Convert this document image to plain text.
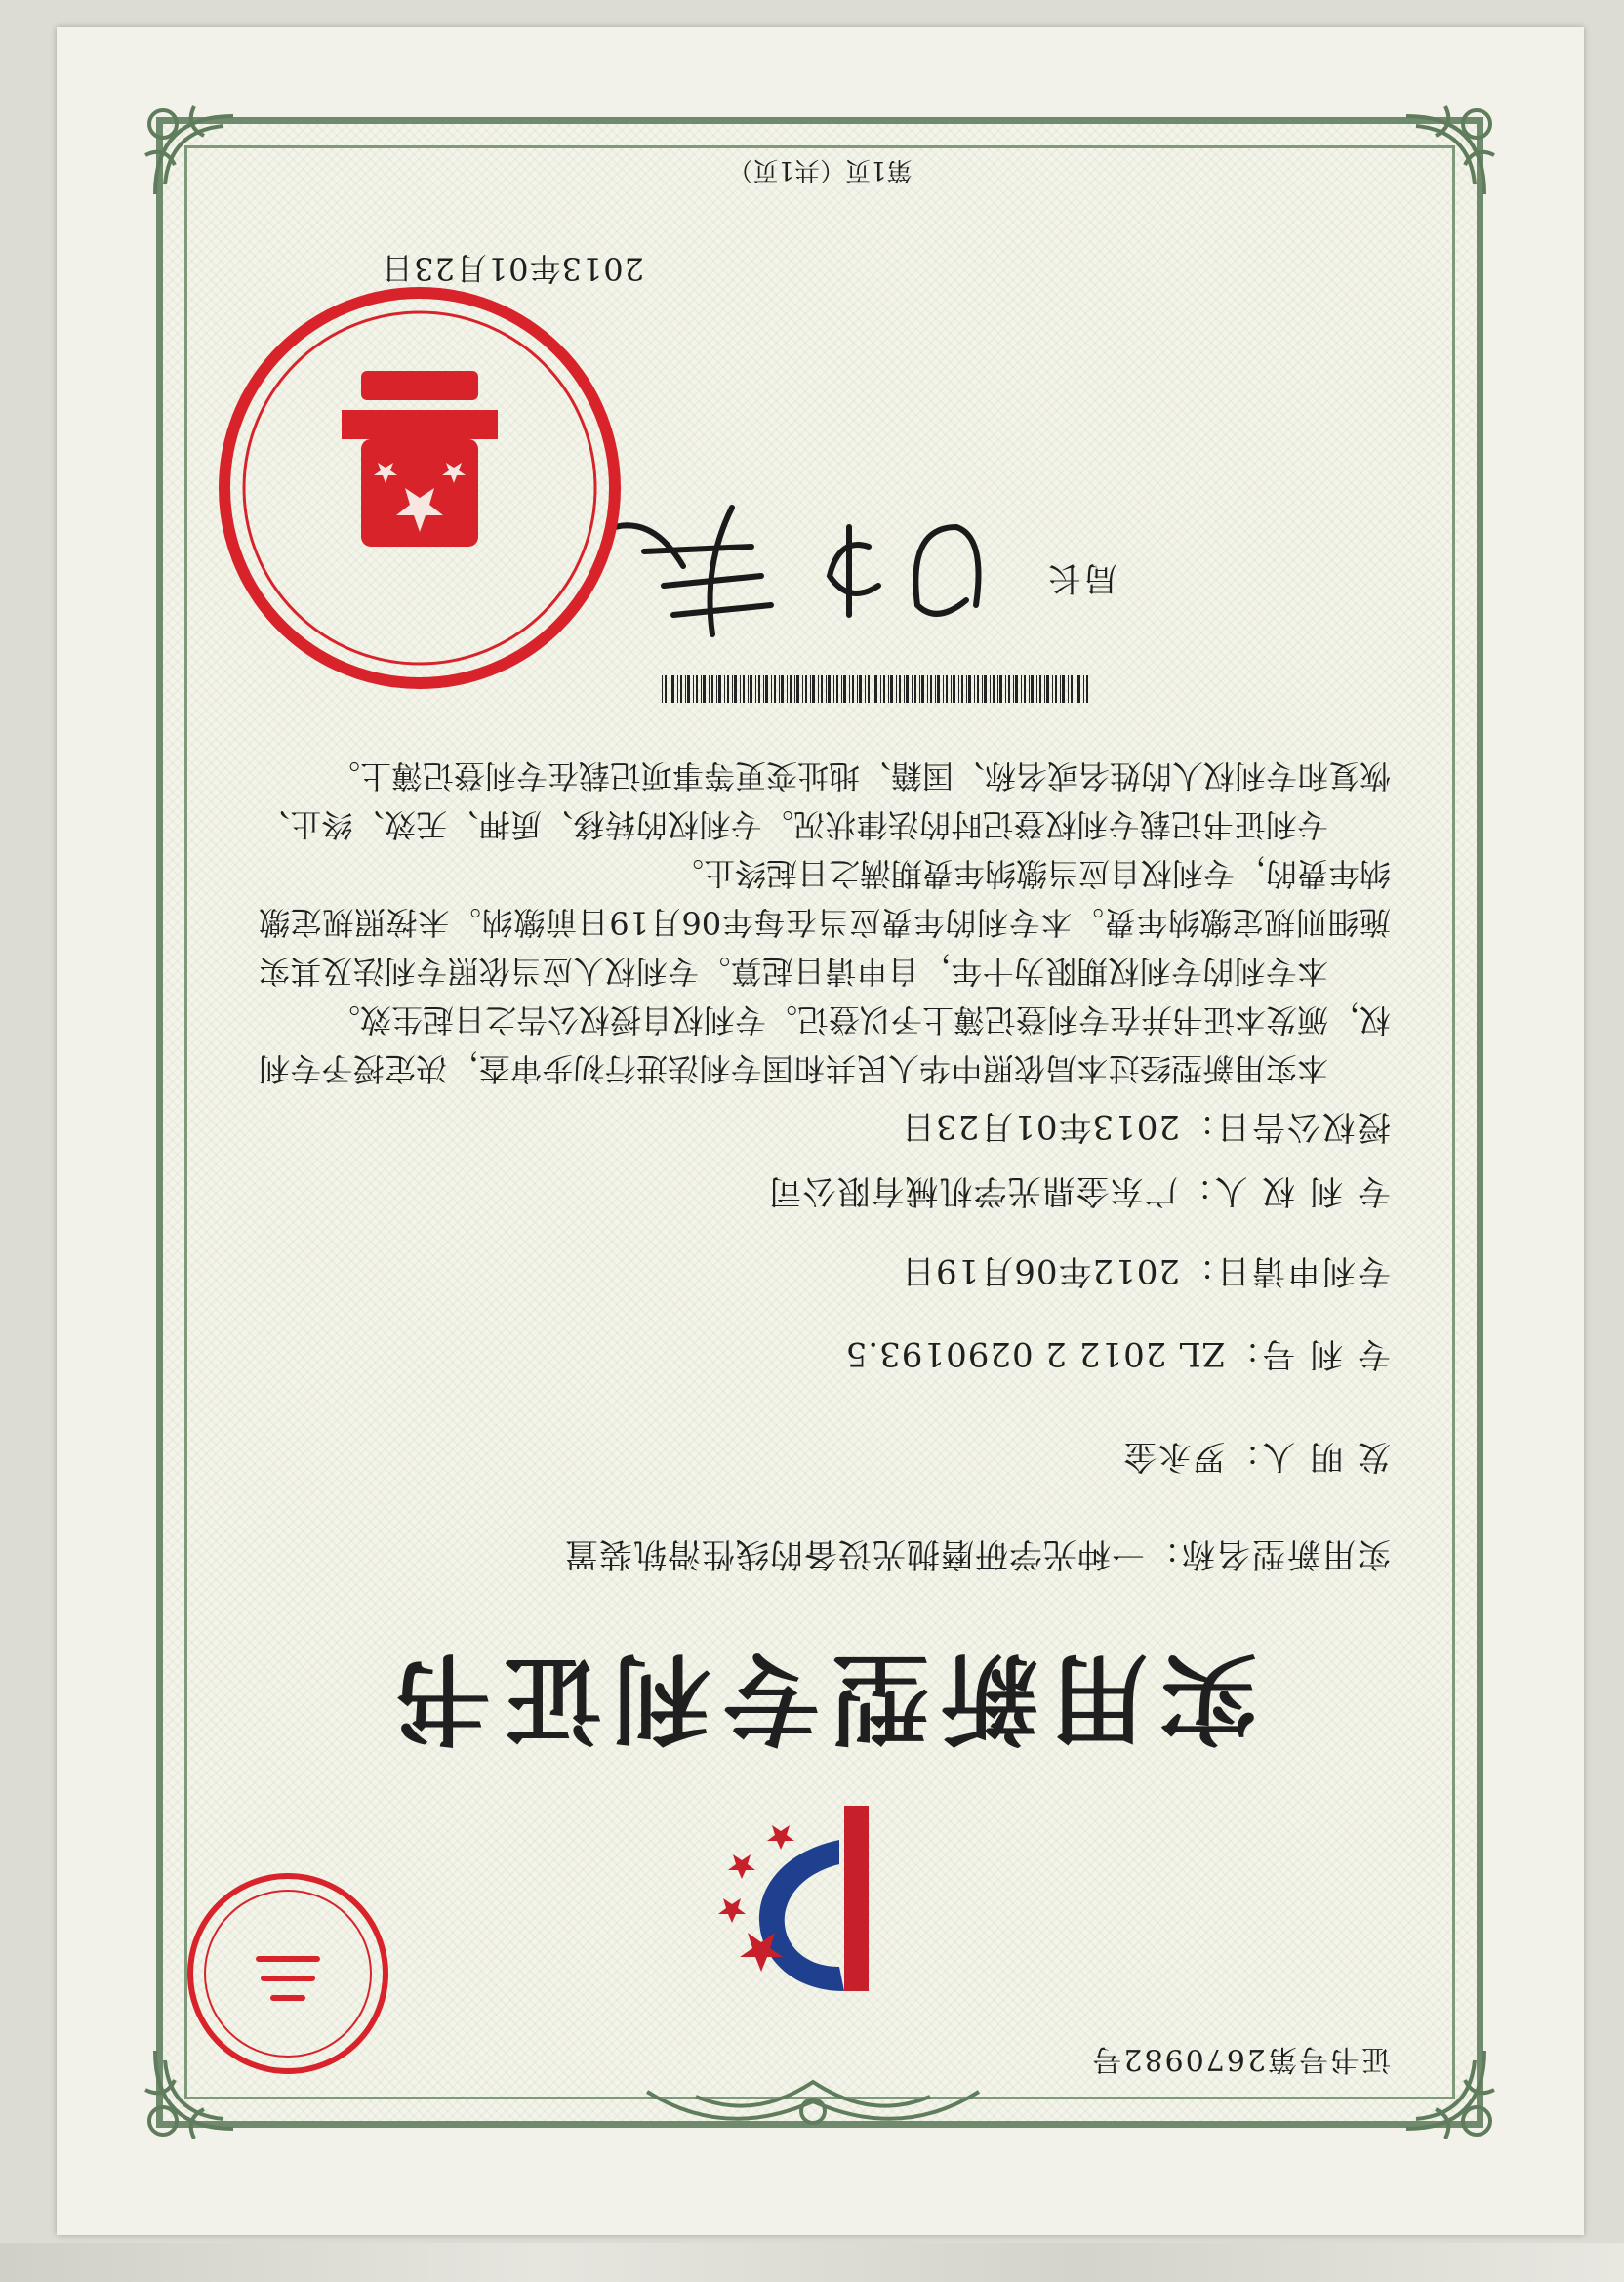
证书号第2670982号
实用新型专利证书
实用新型名称：一种光学研磨抛光设备的线性滑轨装置
发 明 人：罗永金
专 利 号：ZL 2012 2 0290193.5
专利申请日：2012年06月19日
专 利 权 人：广东金鼎光学机械有限公司
授权公告日：2013年01月23日

本实用新型经过本局依照中华人民共和国专利法进行初步审查，决定授予专利权，颁发本证书并在专利登记簿上予以登记。专利权自授权公告之日起生效。

本专利的专利权期限为十年，自申请日起算。专利权人应当依照专利法及其实施细则规定缴纳年费。本专利的年费应当在每年06月19日前缴纳。未按照规定缴纳年费的，专利权自应当缴纳年费期满之日起终止。

专利证书记载专利权登记时的法律状况。专利权的转移、质押、无效、终止、恢复和专利权人的姓名或名称、国籍、地址变更等事项记载在专利登记簿上。

局长
2013年01月23日
第1页（共1页）
